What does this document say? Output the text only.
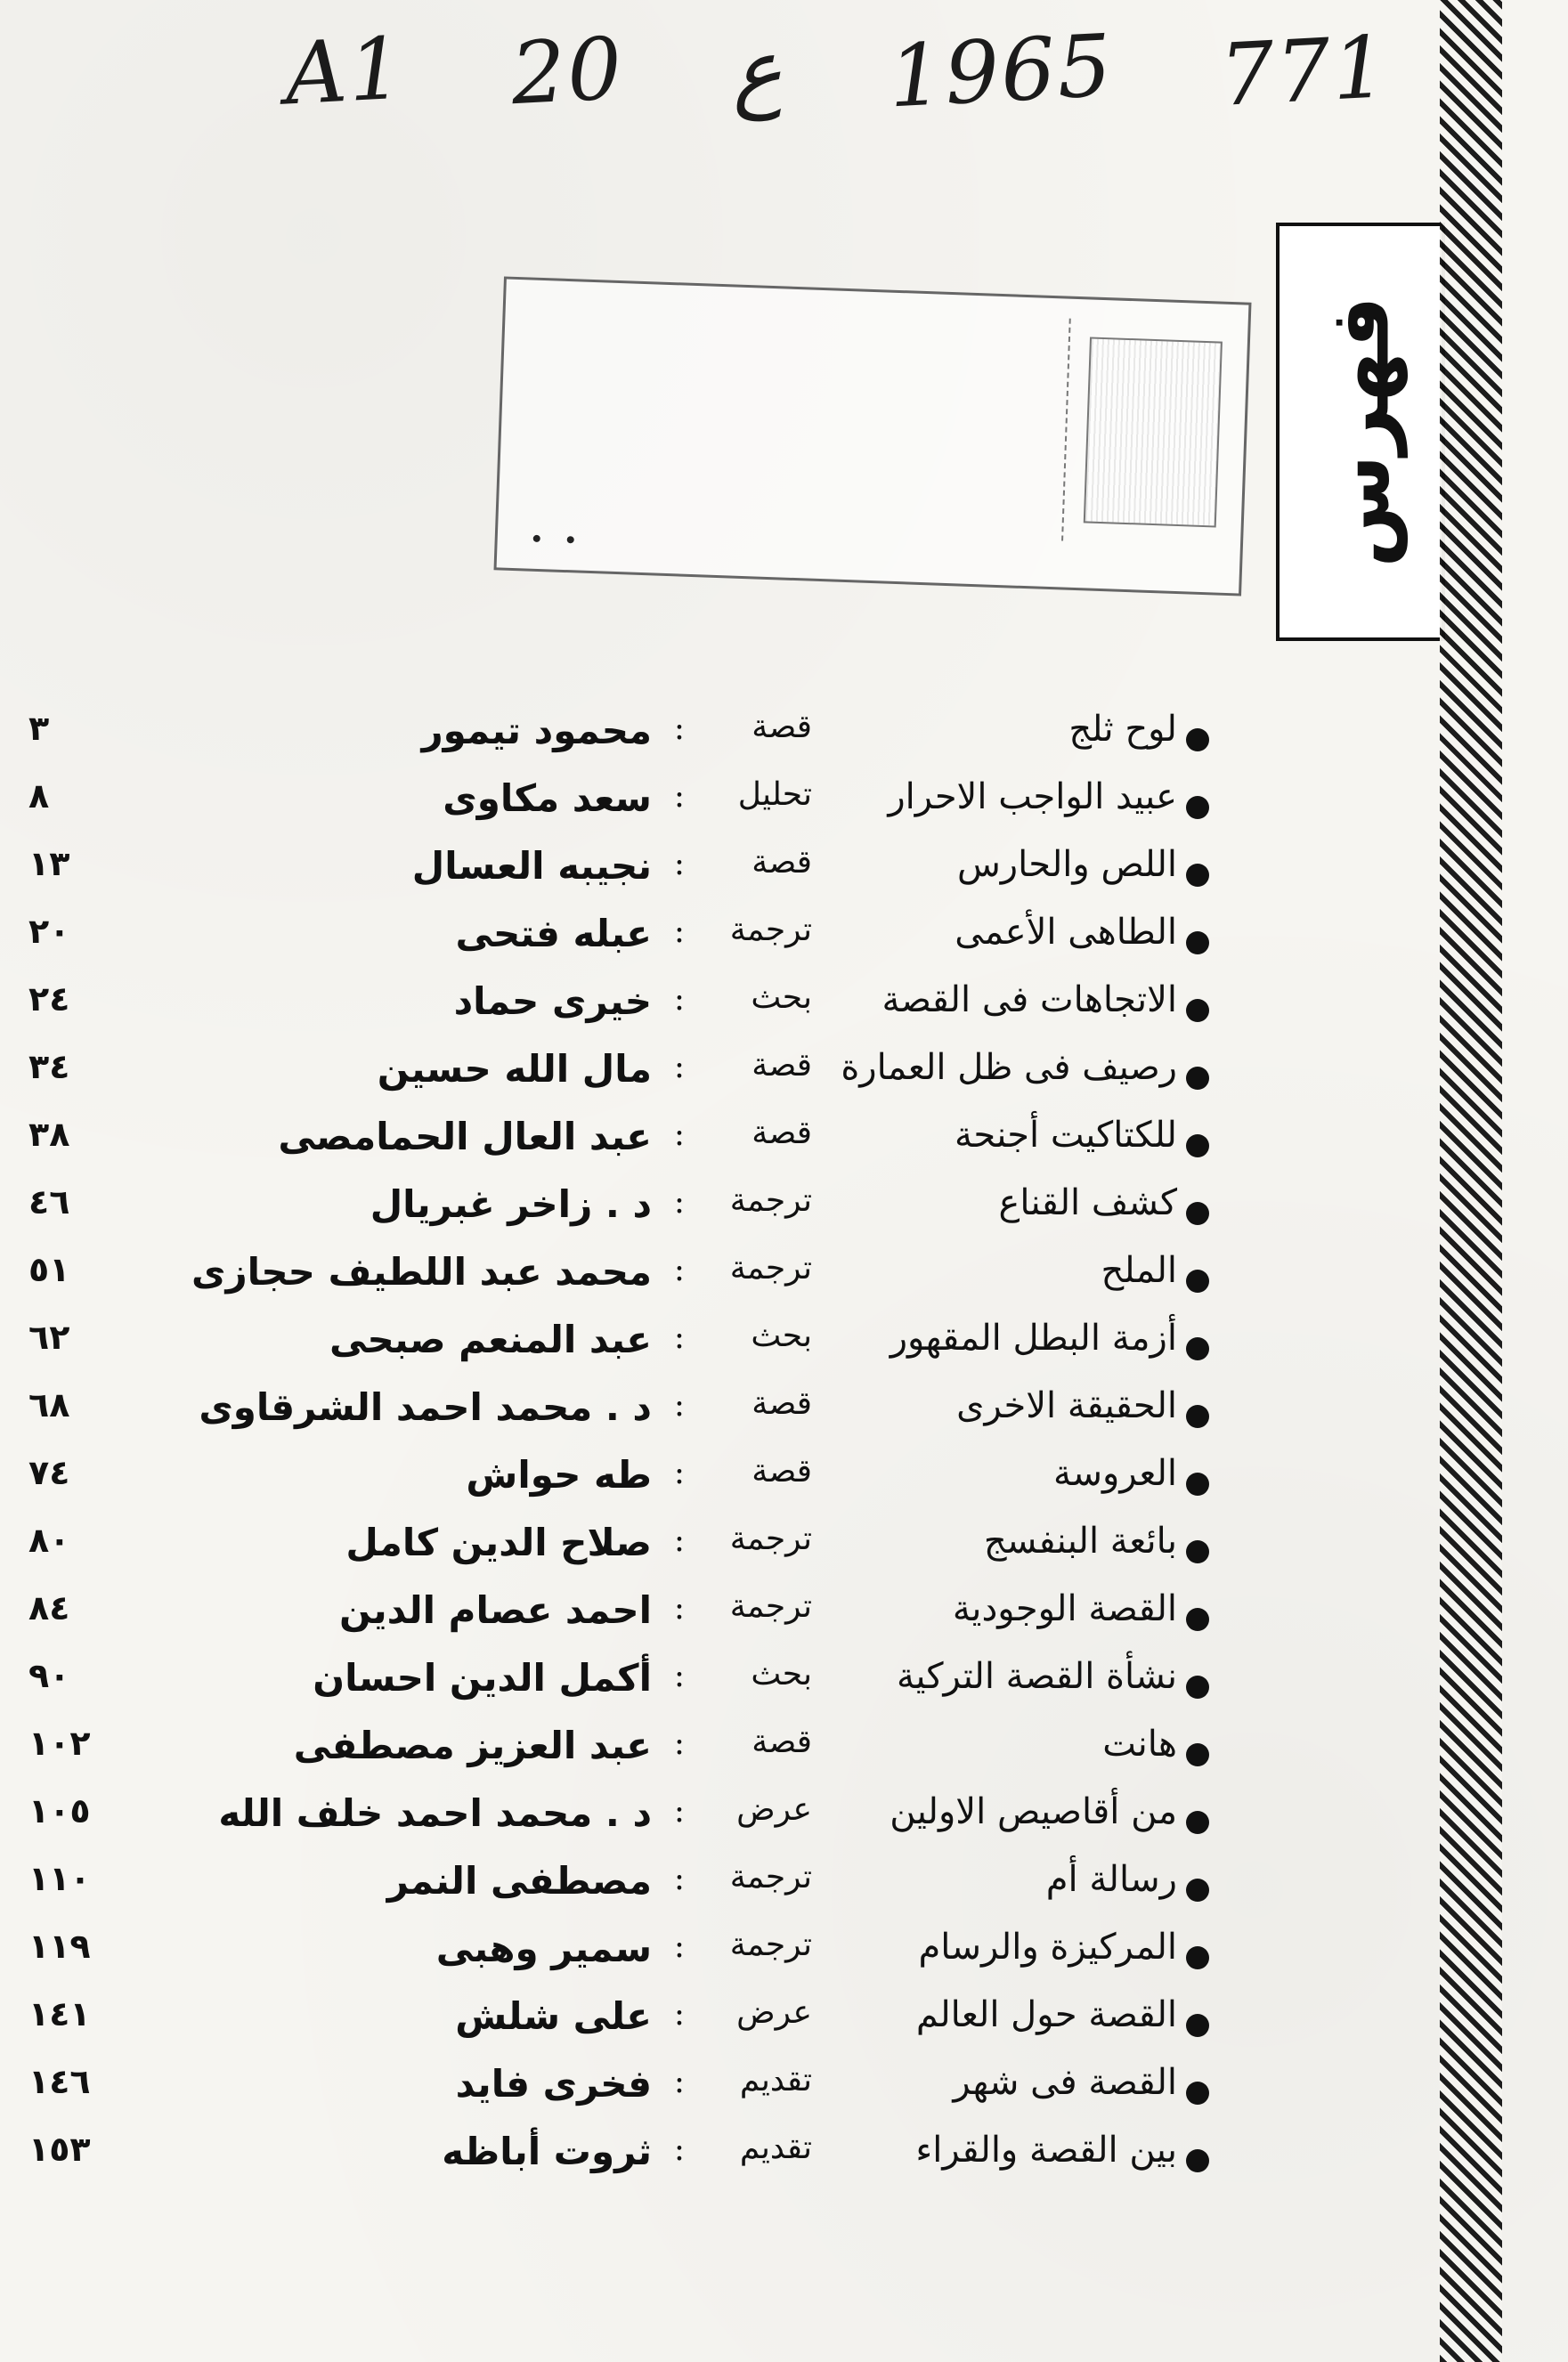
A1 20 ع 1965 771
فهرس
لوح ثلج
قصة
:
محمود تيمور
٣
عبيد الواجب الاحرار
تحليل
:
سعد مكاوى
٨
اللص والحارس
قصة
:
نجيبه العسال
١٣
الطاهى الأعمى
ترجمة
:
عبله فتحى
٢٠
الاتجاهات فى القصة
بحث
:
خيرى حماد
٢٤
رصيف فى ظل العمارة
قصة
:
مال الله حسين
٣٤
للكتاكيت أجنحة
قصة
:
عبد العال الحمامصى
٣٨
كشف القناع
ترجمة
:
د . زاخر غبريال
٤٦
الملح
ترجمة
:
محمد عبد اللطيف حجازى
٥١
أزمة البطل المقهور
بحث
:
عبد المنعم صبحى
٦٢
الحقيقة الاخرى
قصة
:
د . محمد احمد الشرقاوى
٦٨
العروسة
قصة
:
طه حواش
٧٤
بائعة البنفسج
ترجمة
:
صلاح الدين كامل
٨٠
القصة الوجودية
ترجمة
:
احمد عصام الدين
٨٤
نشأة القصة التركية
بحث
:
أكمل الدين احسان
٩٠
هانت
قصة
:
عبد العزيز مصطفى
١٠٢
من أقاصيص الاولين
عرض
:
د . محمد احمد خلف الله
١٠٥
رسالة أم
ترجمة
:
مصطفى النمر
١١٠
المركيزة والرسام
ترجمة
:
سمير وهبى
١١٩
القصة حول العالم
عرض
:
على شلش
١٤١
القصة فى شهر
تقديم
:
فخرى فايد
١٤٦
بين القصة والقراء
تقديم
:
ثروت أباظه
١٥٣
